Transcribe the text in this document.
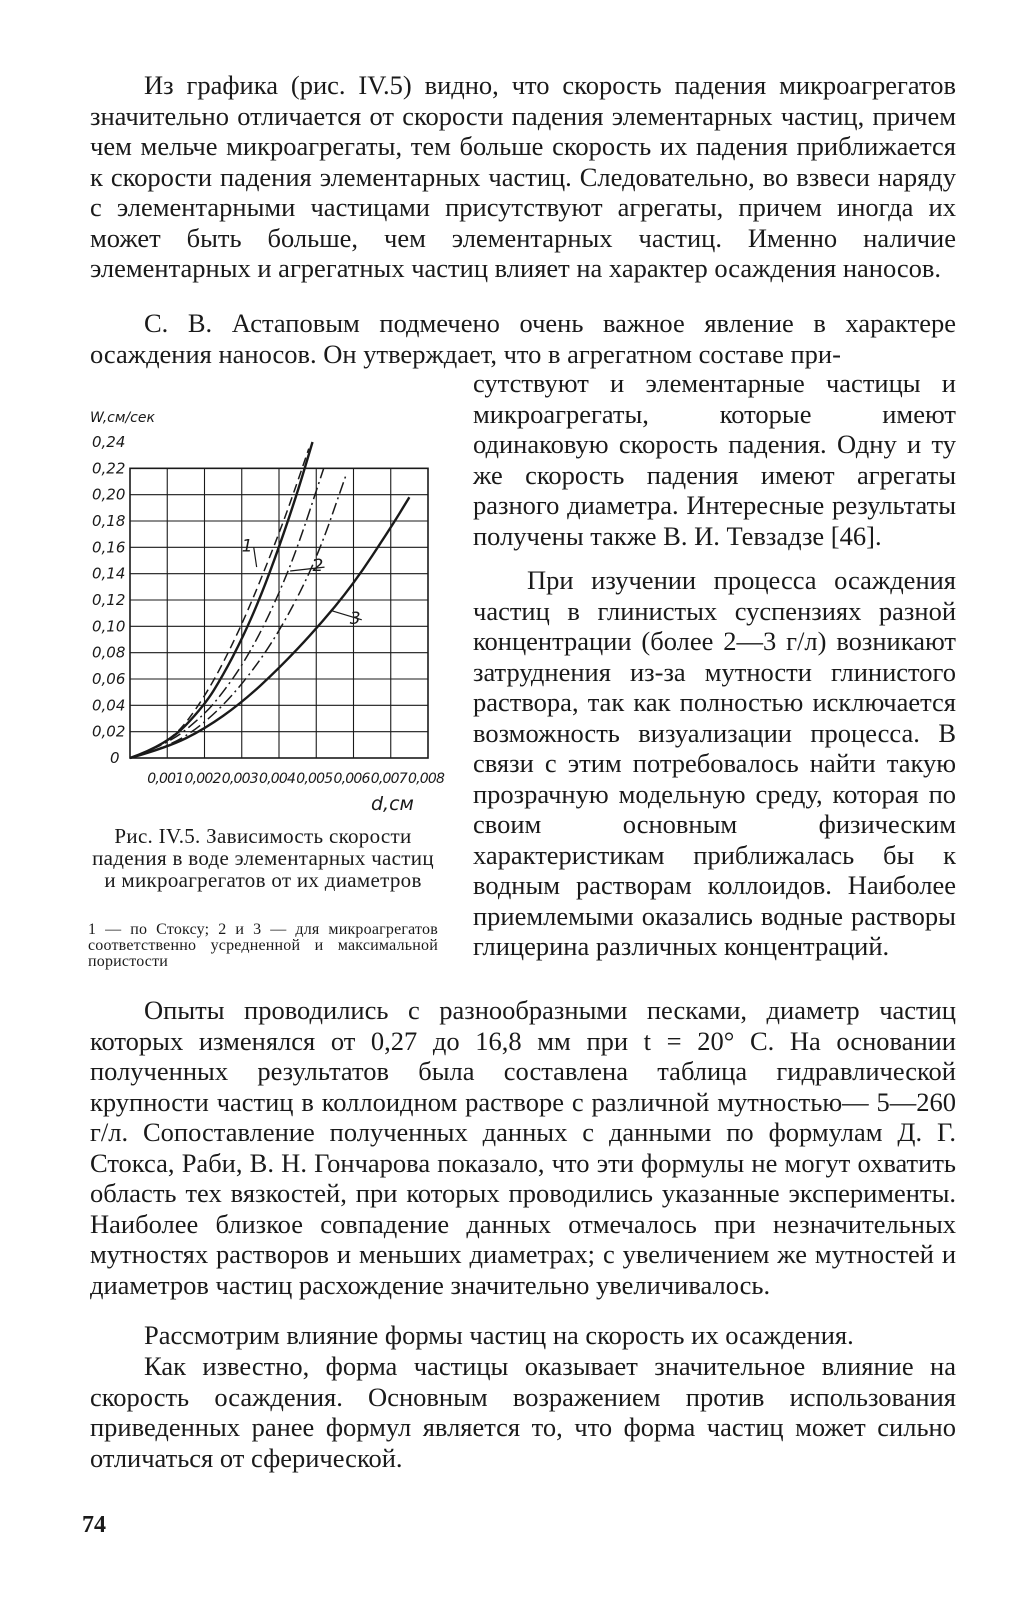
Из графика (рис. IV.5) видно, что скорость падения микроагрегатов значительно отличается от скорости падения элементарных частиц, причем чем мельче микроагрегаты, тем больше скорость их падения приближается к скорости падения элементарных частиц. Следовательно, во взвеси наряду с элементарными частицами присутствуют агрегаты, причем иногда их может быть больше, чем элементарных частиц. Именно наличие элементарных и агрегатных частиц влияет на характер осаждения наносов.
С. В. Астаповым подмечено очень важное явление в характере осаждения наносов. Он утверждает, что в агрегатном составе при-
0
0,02
0,04
0,06
0,08
0,10
0,12
0,14
0,16
0,18
0,20
0,22
0,24
0,001 0,002 0,003 0,004 0,005 0,006 0,007 0,008
1
2
3
W,см/сек
d,см
Рис. IV.5. Зависимость скорости падения в воде элементарных частиц и микроагрегатов от их диаметров
1 — по Стоксу; 2 и 3 — для микроагрегатов соответственно усредненной и максимальной пористости
сутствуют и элементарные частицы и микроагрегаты, которые имеют одинаковую скорость падения. Одну и ту же скорость падения имеют агрегаты разного диаметра. Интересные результаты получены также В. И. Тевзадзе [46].
При изучении процесса осаждения частиц в глинистых суспензиях разной концентрации (более 2—3 г/л) возникают затруднения из-за мутности глинистого раствора, так как полностью исключается возможность визуализации процесса. В связи с этим потребовалось найти такую прозрачную модельную среду, которая по своим основным физическим характеристикам приближалась бы к водным растворам коллоидов. Наиболее приемлемыми оказались водные растворы глицерина различных концентраций.
Опыты проводились с разнообразными песками, диаметр частиц которых изменялся от 0,27 до 16,8 мм при t = 20° С. На основании полученных результатов была составлена таблица гидравлической крупности частиц в коллоидном растворе с различной мутностью— 5—260 г/л. Сопоставление полученных данных с данными по формулам Д. Г. Стокса, Раби, В. Н. Гончарова показало, что эти формулы не могут охватить область тех вязкостей, при которых проводились указанные эксперименты. Наиболее близкое совпадение данных отмечалось при незначительных мутностях растворов и меньших диаметрах; с увеличением же мутностей и диаметров частиц расхождение значительно увеличивалось.
Рассмотрим влияние формы частиц на скорость их осаждения.
Как известно, форма частицы оказывает значительное влияние на скорость осаждения. Основным возражением против использования приведенных ранее формул является то, что форма частиц может сильно отличаться от сферической.
74
